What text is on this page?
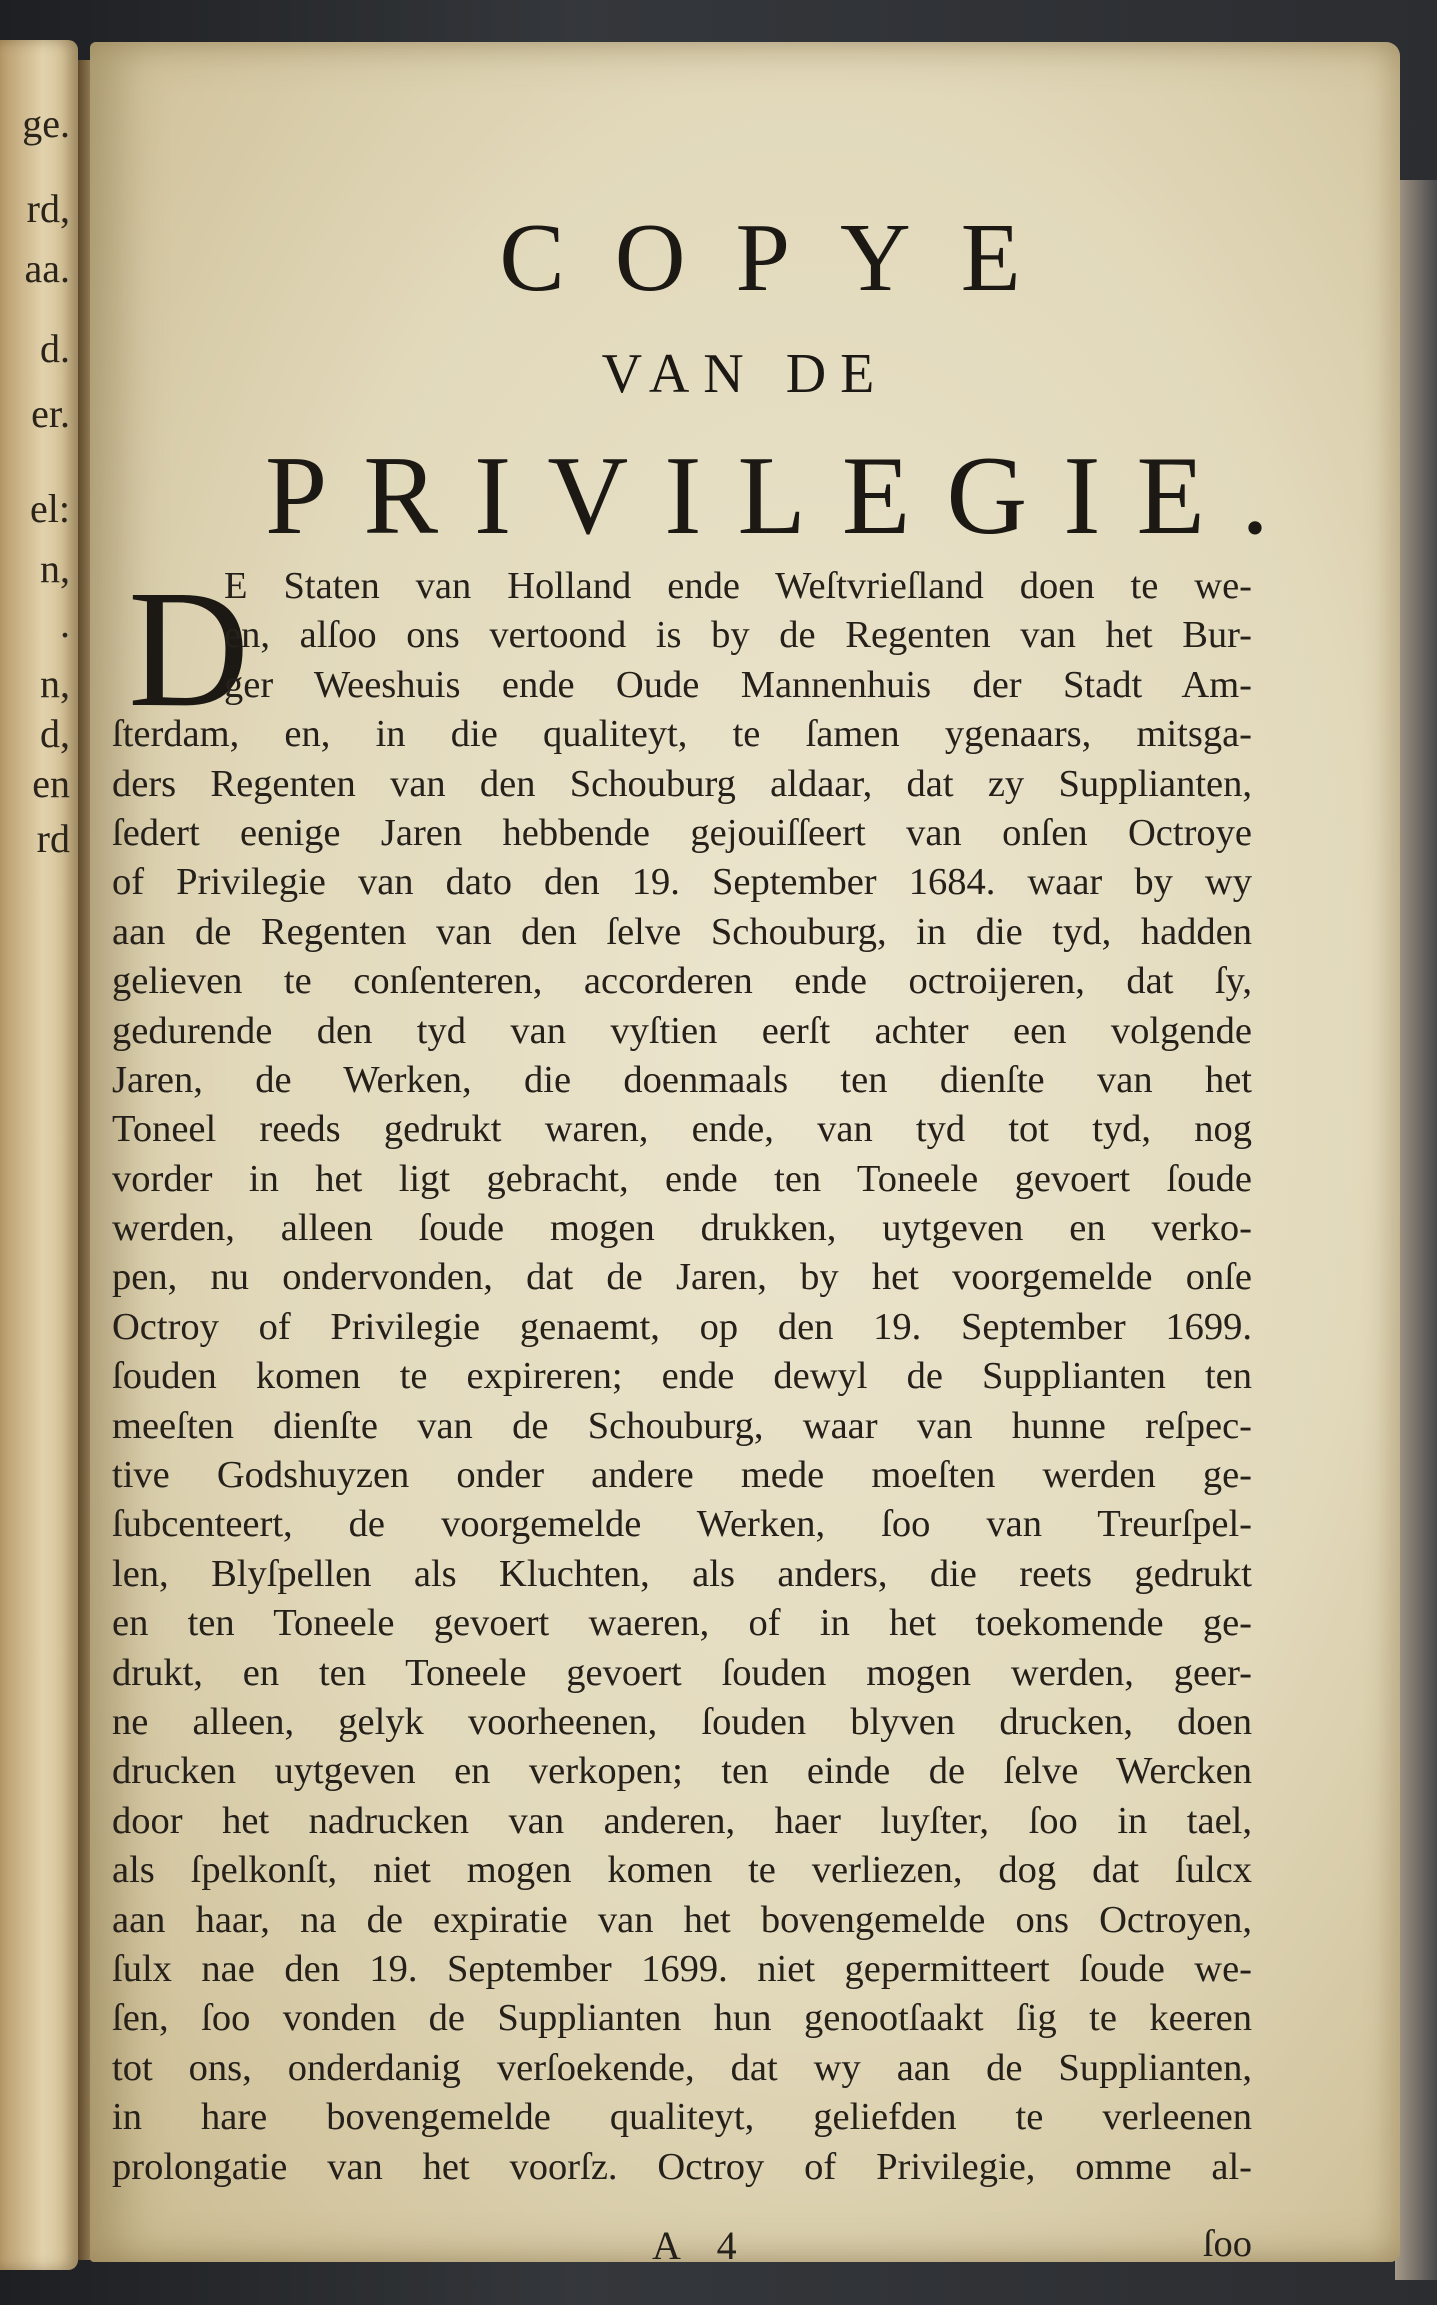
ge.
rd,
aa.
d.
er.
el:
n,
.
n,
d,
en
rd
COPYE
VAN DE
PRIVILEGIE.
D
E Staten van Holland ende Weſtvrieſland doen te we-
en, alſoo ons vertoond is by de Regenten van het Bur-
ger Weeshuis ende Oude Mannenhuis der Stadt Am-
ſterdam, en, in die qualiteyt, te ſamen ygenaars, mitsga-
ders Regenten van den Schouburg aldaar, dat zy Supplianten,
ſedert eenige Jaren hebbende gejouiſſeert van onſen Octroye
of Privilegie van dato den 19. September 1684. waar by wy
aan de Regenten van den ſelve Schouburg, in die tyd, hadden
gelieven te conſenteren, accorderen ende octroijeren, dat ſy,
gedurende den tyd van vyſtien eerſt achter een volgende
Jaren, de Werken, die doenmaals ten dienſte van het
Toneel reeds gedrukt waren, ende, van tyd tot tyd, nog
vorder in het ligt gebracht, ende ten Toneele gevoert ſoude
werden, alleen ſoude mogen drukken, uytgeven en verko-
pen, nu ondervonden, dat de Jaren, by het voorgemelde onſe
Octroy of Privilegie genaemt, op den 19. September 1699.
ſouden komen te expireren; ende dewyl de Supplianten ten
meeſten dienſte van de Schouburg, waar van hunne reſpec-
tive Godshuyzen onder andere mede moeſten werden ge-
ſubcenteert, de voorgemelde Werken, ſoo van Treurſpel-
len, Blyſpellen als Kluchten, als anders, die reets gedrukt
en ten Toneele gevoert waeren, of in het toekomende ge-
drukt, en ten Toneele gevoert ſouden mogen werden, geer-
ne alleen, gelyk voorheenen, ſouden blyven drucken, doen
drucken uytgeven en verkopen; ten einde de ſelve Wercken
door het nadrucken van anderen, haer luyſter, ſoo in tael,
als ſpelkonſt, niet mogen komen te verliezen, dog dat ſulcx
aan haar, na de expiratie van het bovengemelde ons Octroyen,
ſulx nae den 19. September 1699. niet gepermitteert ſoude we-
ſen, ſoo vonden de Supplianten hun genootſaakt ſig te keeren
tot ons, onderdanig verſoekende, dat wy aan de Supplianten,
in hare bovengemelde qualiteyt, geliefden te verleenen
prolongatie van het voorſz. Octroy of Privilegie, omme al-
A 4	ſoo
